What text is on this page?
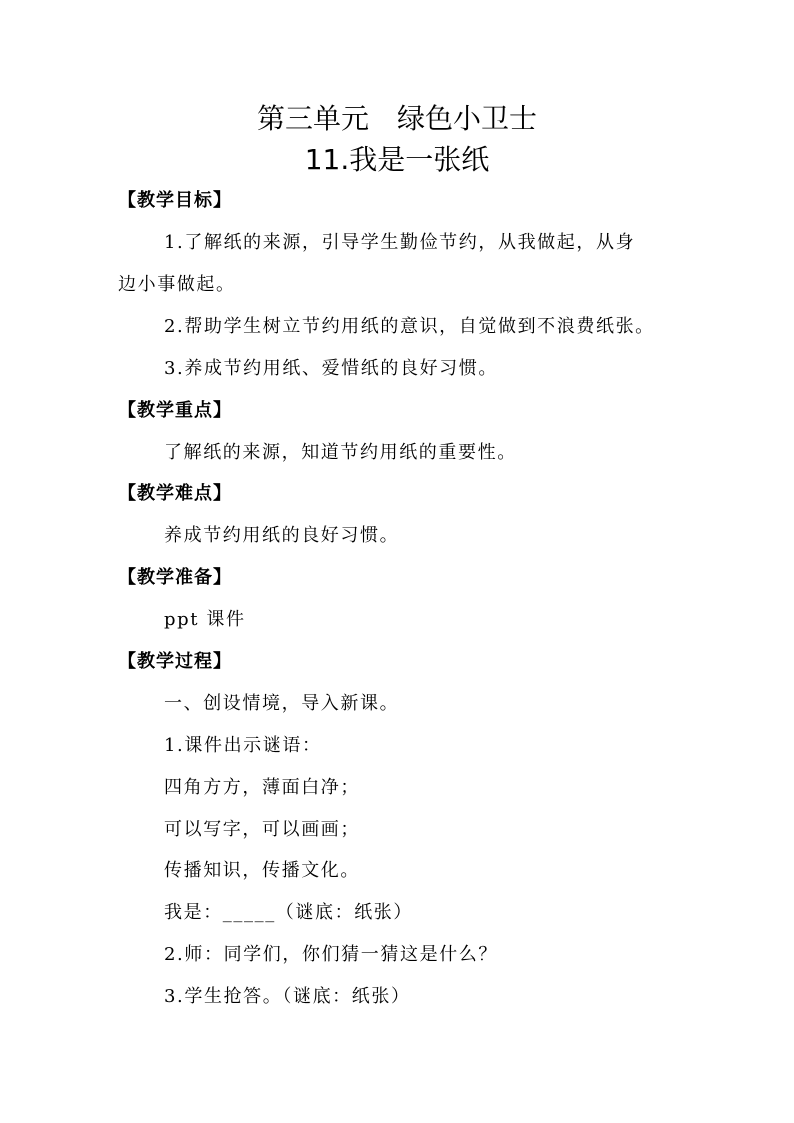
第三单元　绿色小卫士
11.我是一张纸
【教学目标】
1.了解纸的来源，引导学生勤俭节约，从我做起，从身
边小事做起。
2.帮助学生树立节约用纸的意识，自觉做到不浪费纸张。
3.养成节约用纸、爱惜纸的良好习惯。
【教学重点】
了解纸的来源，知道节约用纸的重要性。
【教学难点】
养成节约用纸的良好习惯。
【教学准备】
ppt 课件
【教学过程】
一、创设情境，导入新课。
1.课件出示谜语：
四角方方，薄面白净；
可以写字，可以画画；
传播知识，传播文化。
我是：_____（谜底：纸张）
2.师：同学们，你们猜一猜这是什么？
3.学生抢答。（谜底：纸张）
